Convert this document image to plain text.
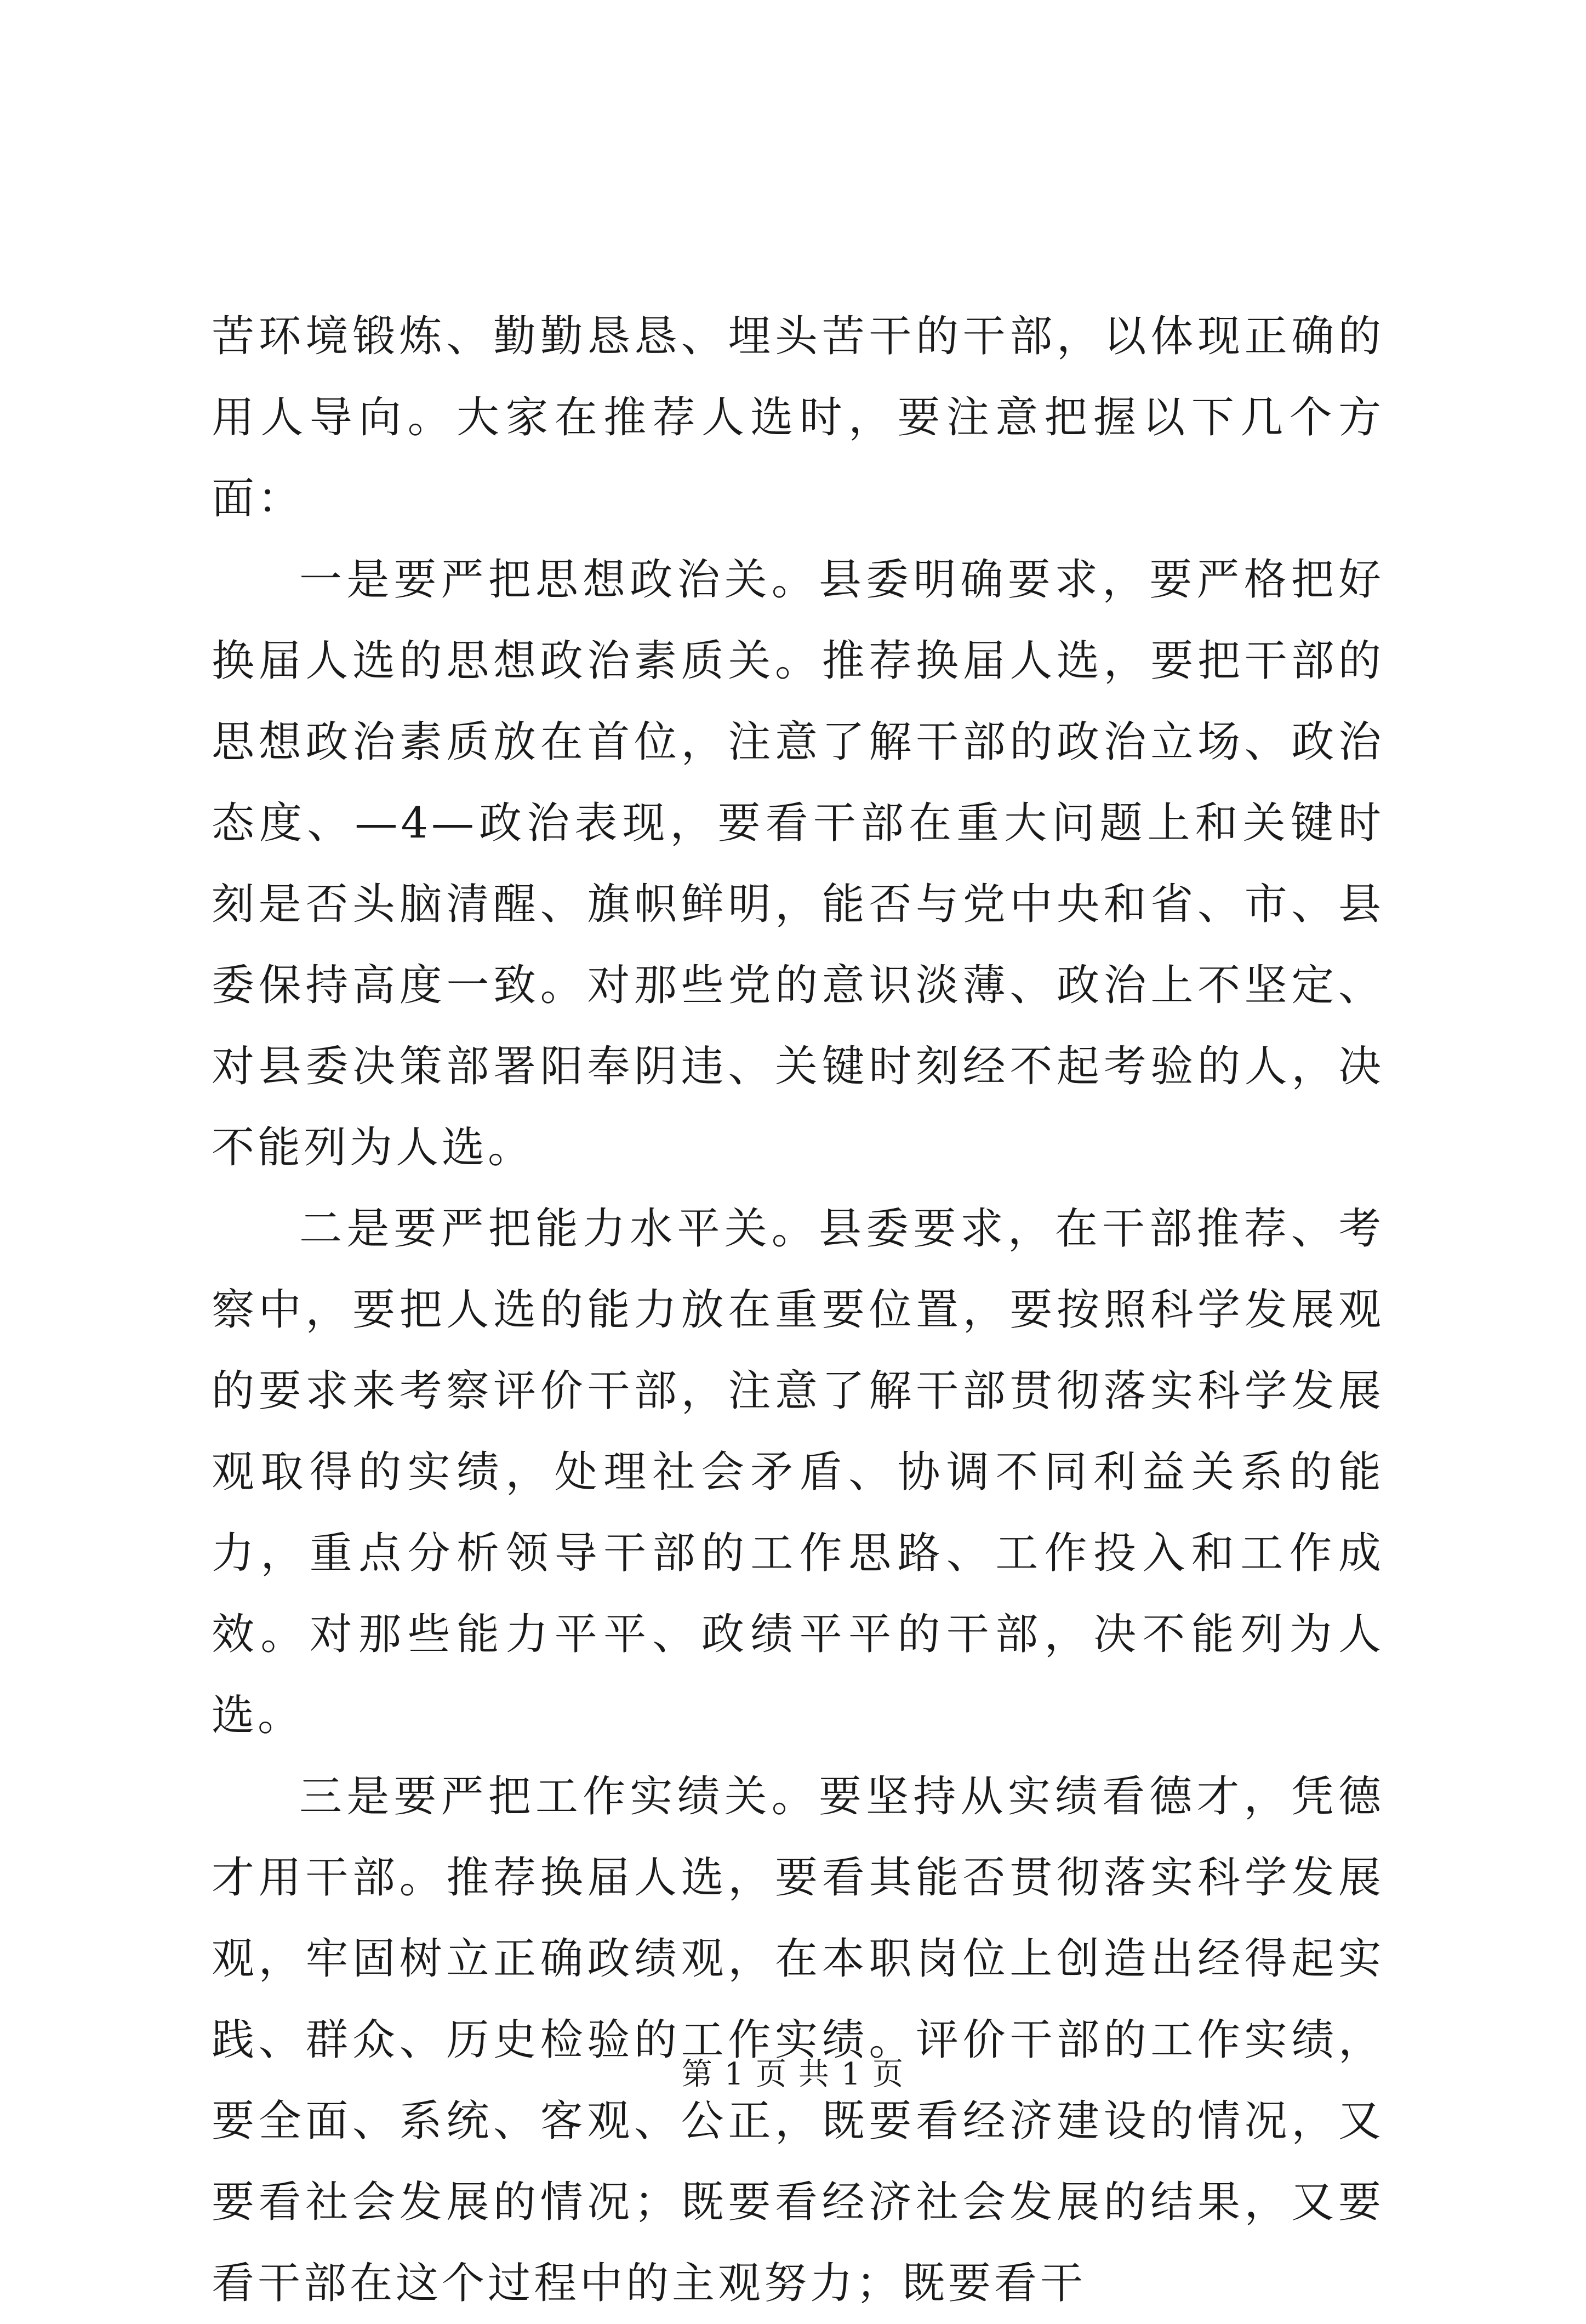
苦环境锻炼、勤勤恳恳、埋头苦干的干部，以体现正确的用人导向。大家在推荐人选时，要注意把握以下几个方面：

一是要严把思想政治关。县委明确要求，要严格把好换届人选的思想政治素质关。推荐换届人选，要把干部的思想政治素质放在首位，注意了解干部的政治立场、政治态度、—4—政治表现，要看干部在重大问题上和关键时刻是否头脑清醒、旗帜鲜明，能否与党中央和省、市、县委保持高度一致。对那些党的意识淡薄、政治上不坚定、对县委决策部署阳奉阴违、关键时刻经不起考验的人，决不能列为人选。

二是要严把能力水平关。县委要求，在干部推荐、考察中，要把人选的能力放在重要位置，要按照科学发展观的要求来考察评价干部，注意了解干部贯彻落实科学发展观取得的实绩，处理社会矛盾、协调不同利益关系的能力，重点分析领导干部的工作思路、工作投入和工作成效。对那些能力平平、政绩平平的干部，决不能列为人选。

三是要严把工作实绩关。要坚持从实绩看德才，凭德才用干部。推荐换届人选，要看其能否贯彻落实科学发展观，牢固树立正确政绩观，在本职岗位上创造出经得起实践、群众、历史检验的工作实绩。评价干部的工作实绩，要全面、系统、客观、公正，既要看经济建设的情况，又要看社会发展的情况；既要看经济社会发展的结果，又要看干部在这个过程中的主观努力；既要看干

第 1 页 共 1 页
